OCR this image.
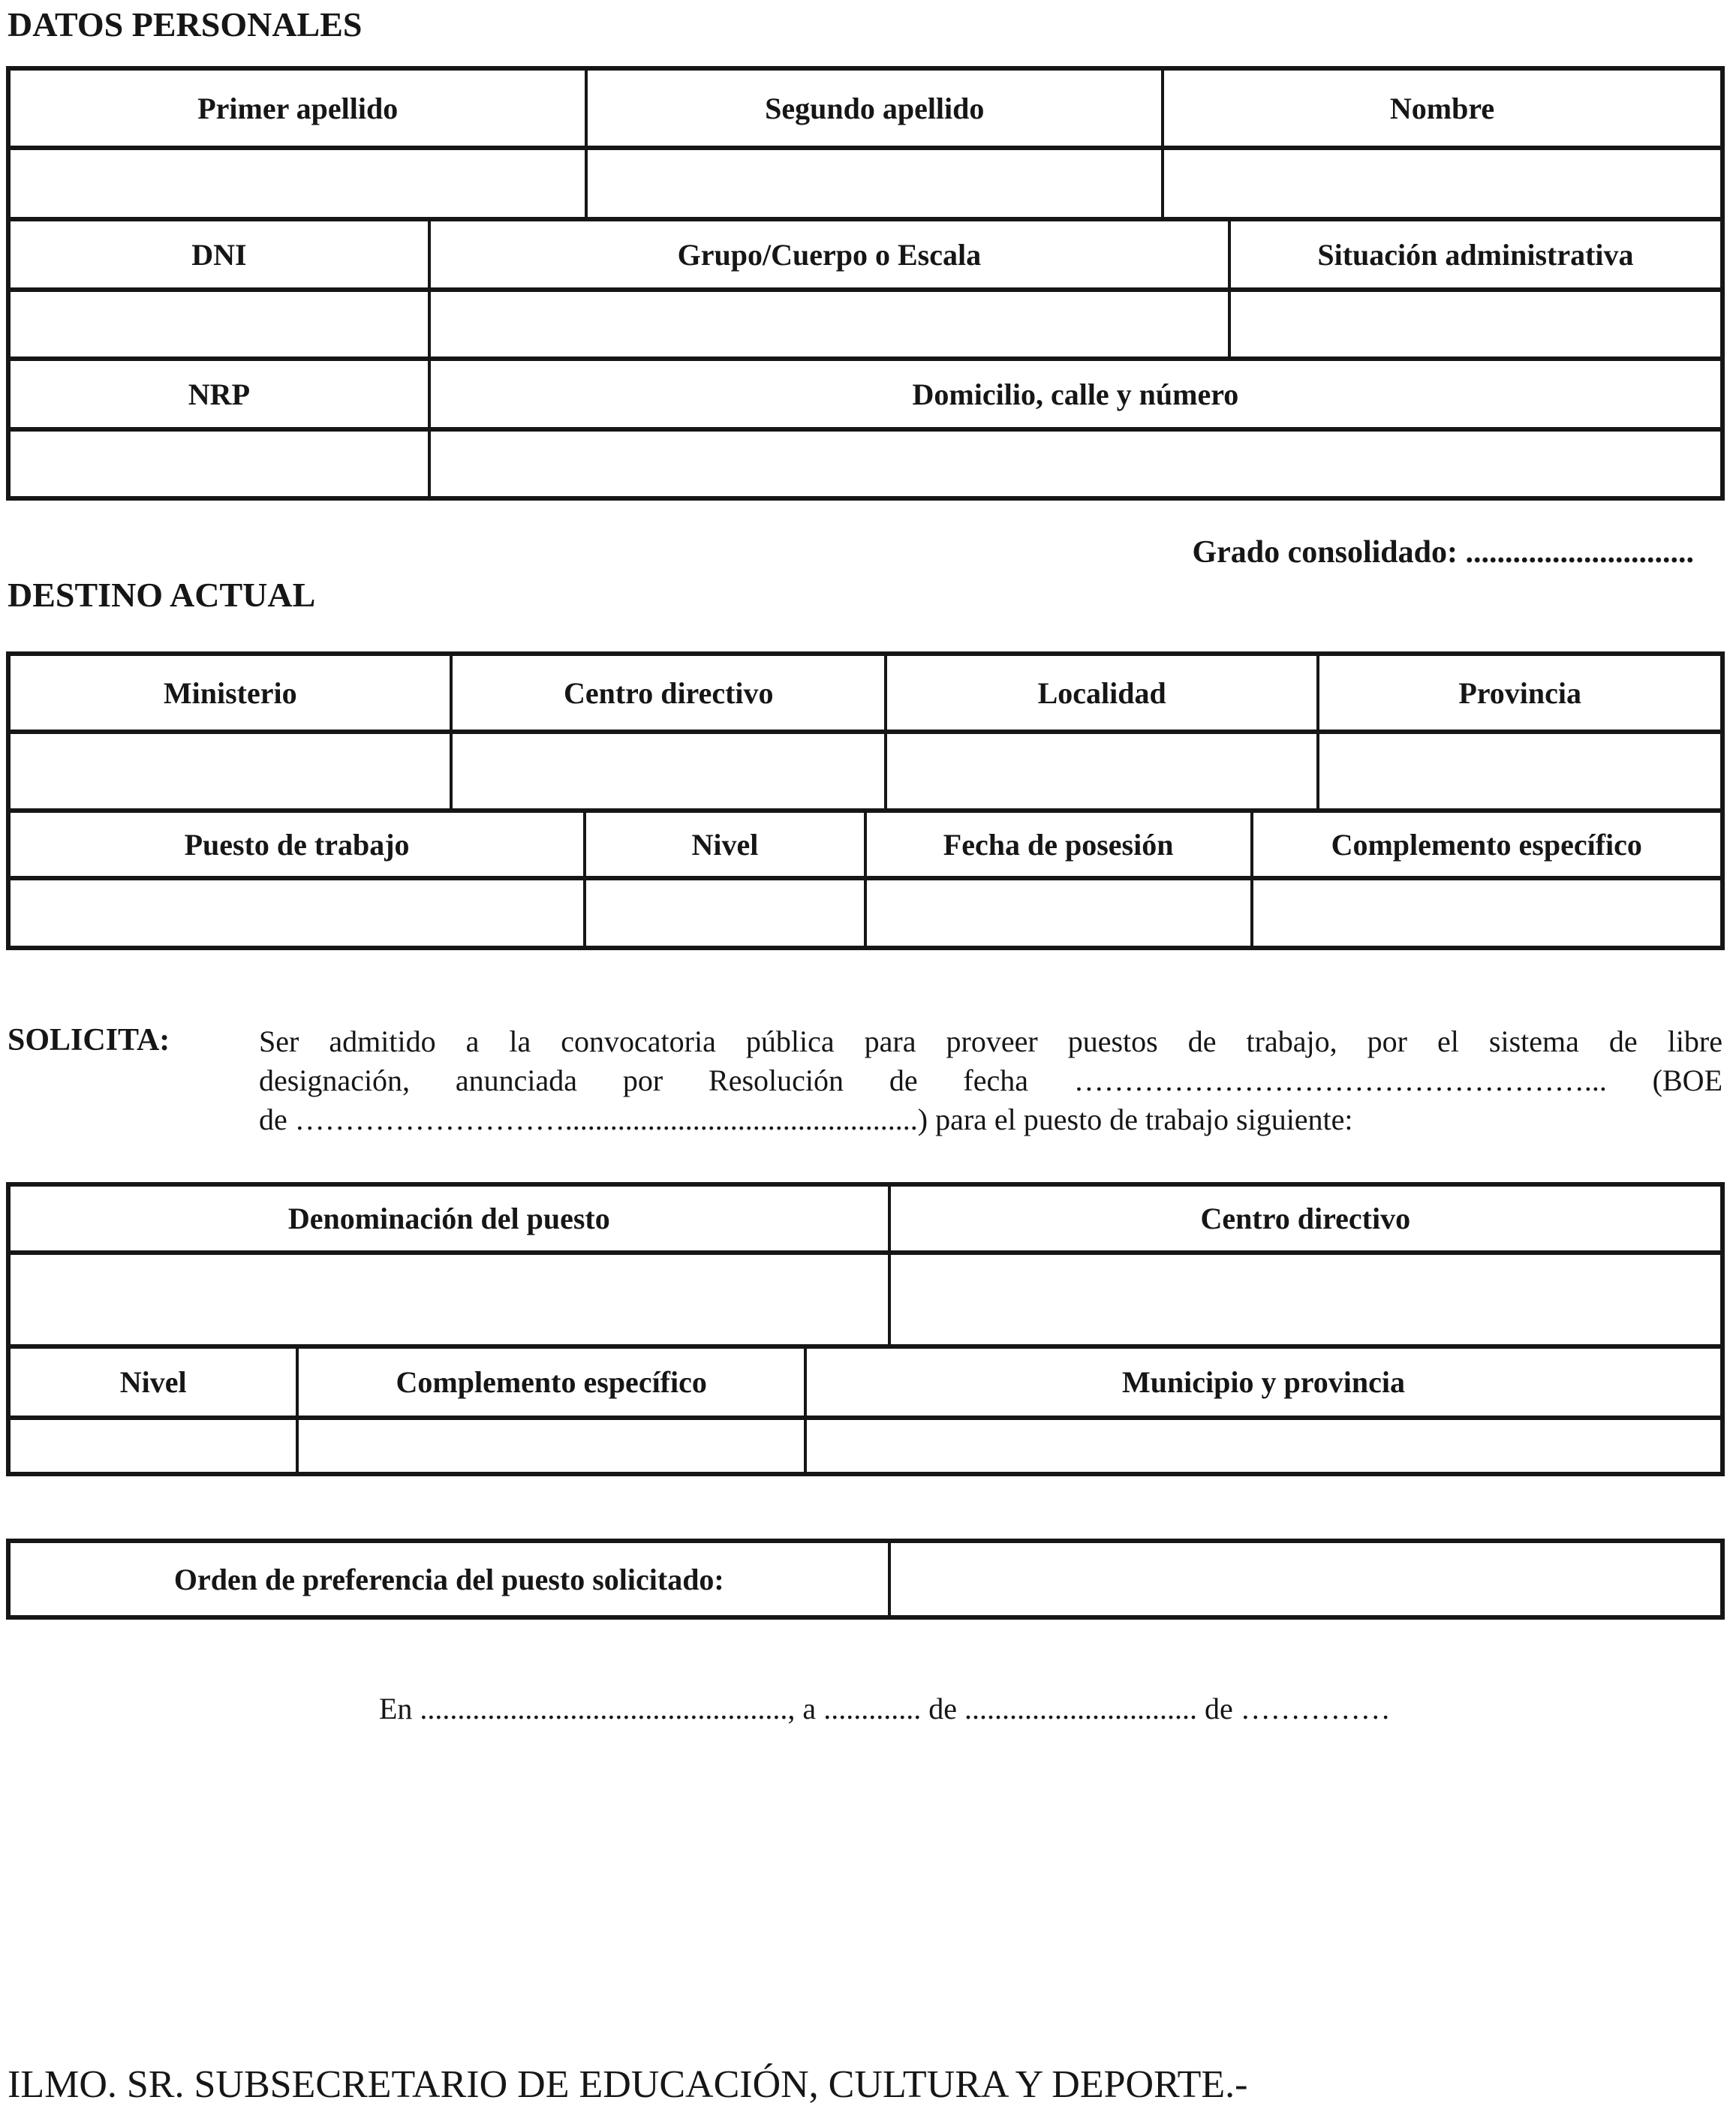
DATOS PERSONALES
Primer apellido	Segundo apellido	Nombre
DNI	Grupo/Cuerpo o Escala	Situación administrativa
NRP	Domicilio, calle y número
Grado consolidado: .............................
DESTINO ACTUAL
Ministerio	Centro directivo	Localidad	Provincia
Puesto de trabajo	Nivel	Fecha de posesión	Complemento específico
SOLICITA:	Ser admitido a la convocatoria pública para proveer puestos de trabajo, por el sistema de libre
designación, anunciada por Resolución de fecha ……………………………………………... (BOE
de ………………………...............................................) para el puesto de trabajo siguiente:
Denominación del puesto	Centro directivo
Nivel	Complemento específico	Municipio y provincia
Orden de preferencia del puesto solicitado:
En ................................................., a ............. de ............................... de ……………
ILMO. SR. SUBSECRETARIO DE EDUCACIÓN, CULTURA Y DEPORTE.-
